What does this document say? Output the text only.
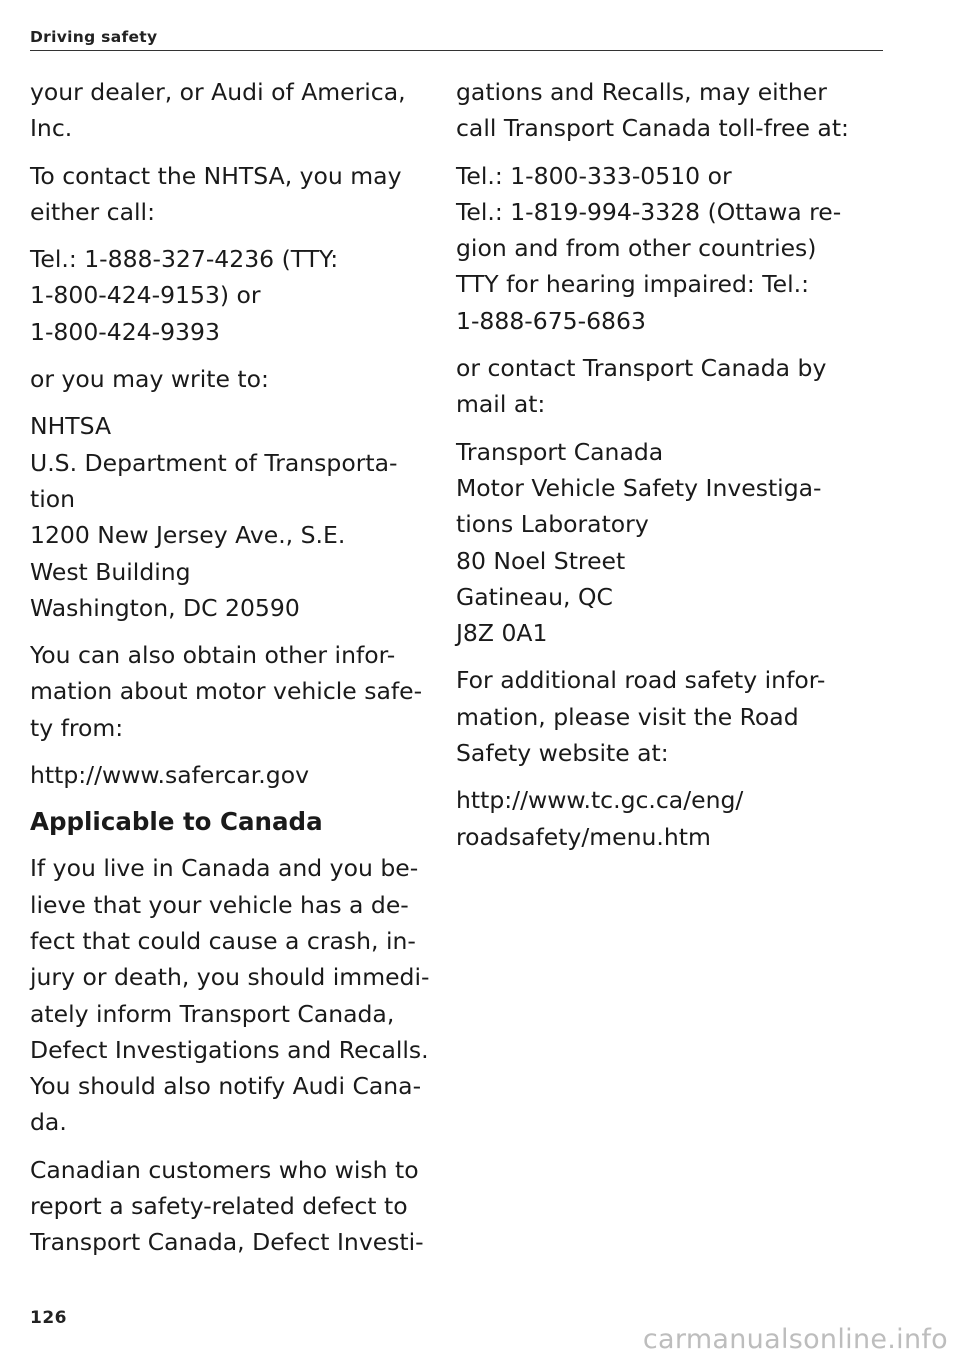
Driving safety

your dealer, or Audi of America,
Inc.

To contact the NHTSA, you may
either call:

Tel.: 1-888-327-4236 (TTY:
1-800-424-9153) or
1-800-424-9393

or you may write to:

NHTSA
U.S. Department of Transporta-
tion
1200 New Jersey Ave., S.E.
West Building
Washington, DC 20590

You can also obtain other infor-
mation about motor vehicle safe-
ty from:

http://www.safercar.gov

Applicable to Canada

If you live in Canada and you be-
lieve that your vehicle has a de-
fect that could cause a crash, in-
jury or death, you should immedi-
ately inform Transport Canada,
Defect Investigations and Recalls.
You should also notify Audi Cana-
da.

Canadian customers who wish to
report a safety-related defect to
Transport Canada, Defect Investi-

gations and Recalls, may either
call Transport Canada toll-free at:

Tel.: 1-800-333-0510 or
Tel.: 1-819-994-3328 (Ottawa re-
gion and from other countries)
TTY for hearing impaired: Tel.:
1-888-675-6863

or contact Transport Canada by
mail at:

Transport Canada
Motor Vehicle Safety Investiga-
tions Laboratory
80 Noel Street
Gatineau, QC
J8Z 0A1

For additional road safety infor-
mation, please visit the Road
Safety website at:

http://www.tc.gc.ca/eng/
roadsafety/menu.htm

126
carmanualsonline.info
